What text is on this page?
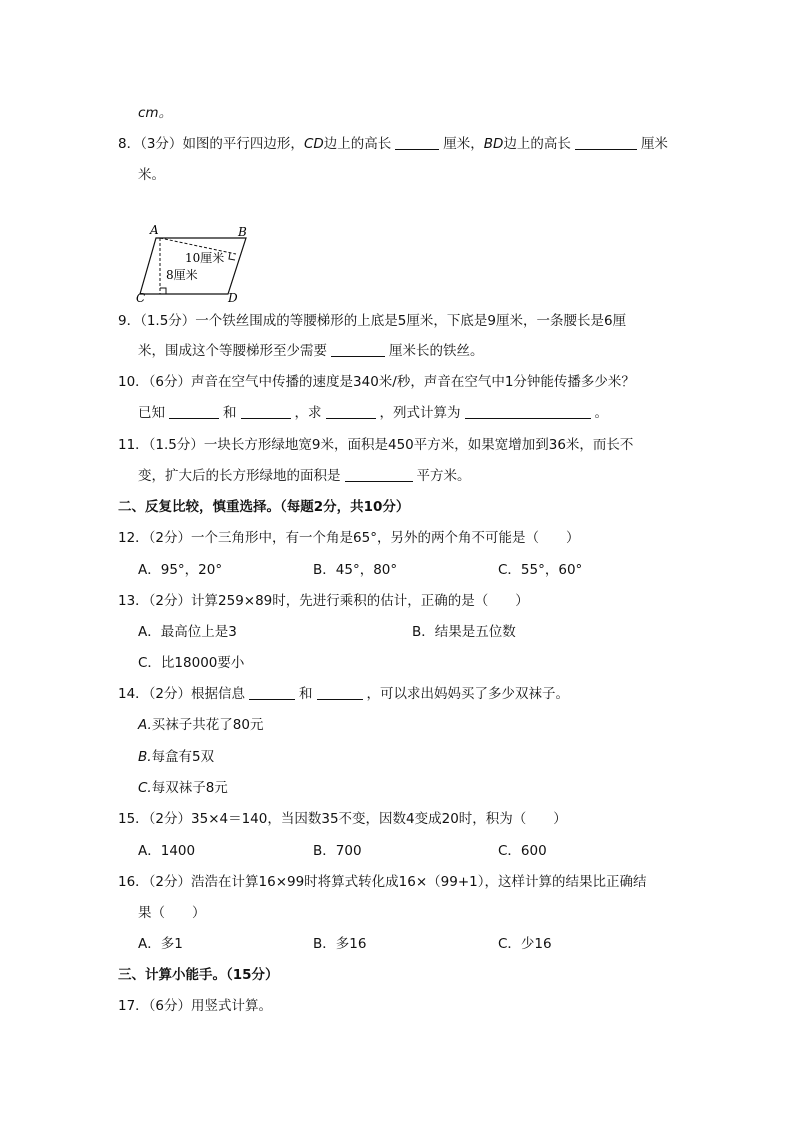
cm。
8．（3分）如图的平行四边形，CD边上的高长	厘米，BD边上的高长	厘米
米。
A	B
C	D
10厘米
8厘米
9．（1.5分）一个铁丝围成的等腰梯形的上底是5厘米，下底是9厘米，一条腰长是6厘
米，围成这个等腰梯形至少需要	厘米长的铁丝。
10．（6分）声音在空气中传播的速度是340米/秒，声音在空气中1分钟能传播多少米？
已知	和	，求	，列式计算为	。
11．（1.5分）一块长方形绿地宽9米，面积是450平方米，如果宽增加到36米，而长不
变，扩大后的长方形绿地的面积是	平方米。
二、反复比较，慎重选择。（每题2分，共10分）
12．（2分）一个三角形中，有一个角是65°，另外的两个角不可能是（　　）
A．95°，20°	B．45°，80°	C．55°，60°
13．（2分）计算259×89时，先进行乘积的估计，正确的是（　　）
A．最高位上是3	B．结果是五位数
C．比18000要小
14．（2分）根据信息	和	，可以求出妈妈买了多少双袜子。
A.买袜子共花了80元
B.每盒有5双
C.每双袜子8元
15．（2分）35×4＝140，当因数35不变，因数4变成20时，积为（　　）
A．1400	B．700	C．600
16．（2分）浩浩在计算16×99时将算式转化成16×（99+1），这样计算的结果比正确结
果（　　）
A．多1	B．多16	C．少16
三、计算小能手。（15分）
17．（6分）用竖式计算。
